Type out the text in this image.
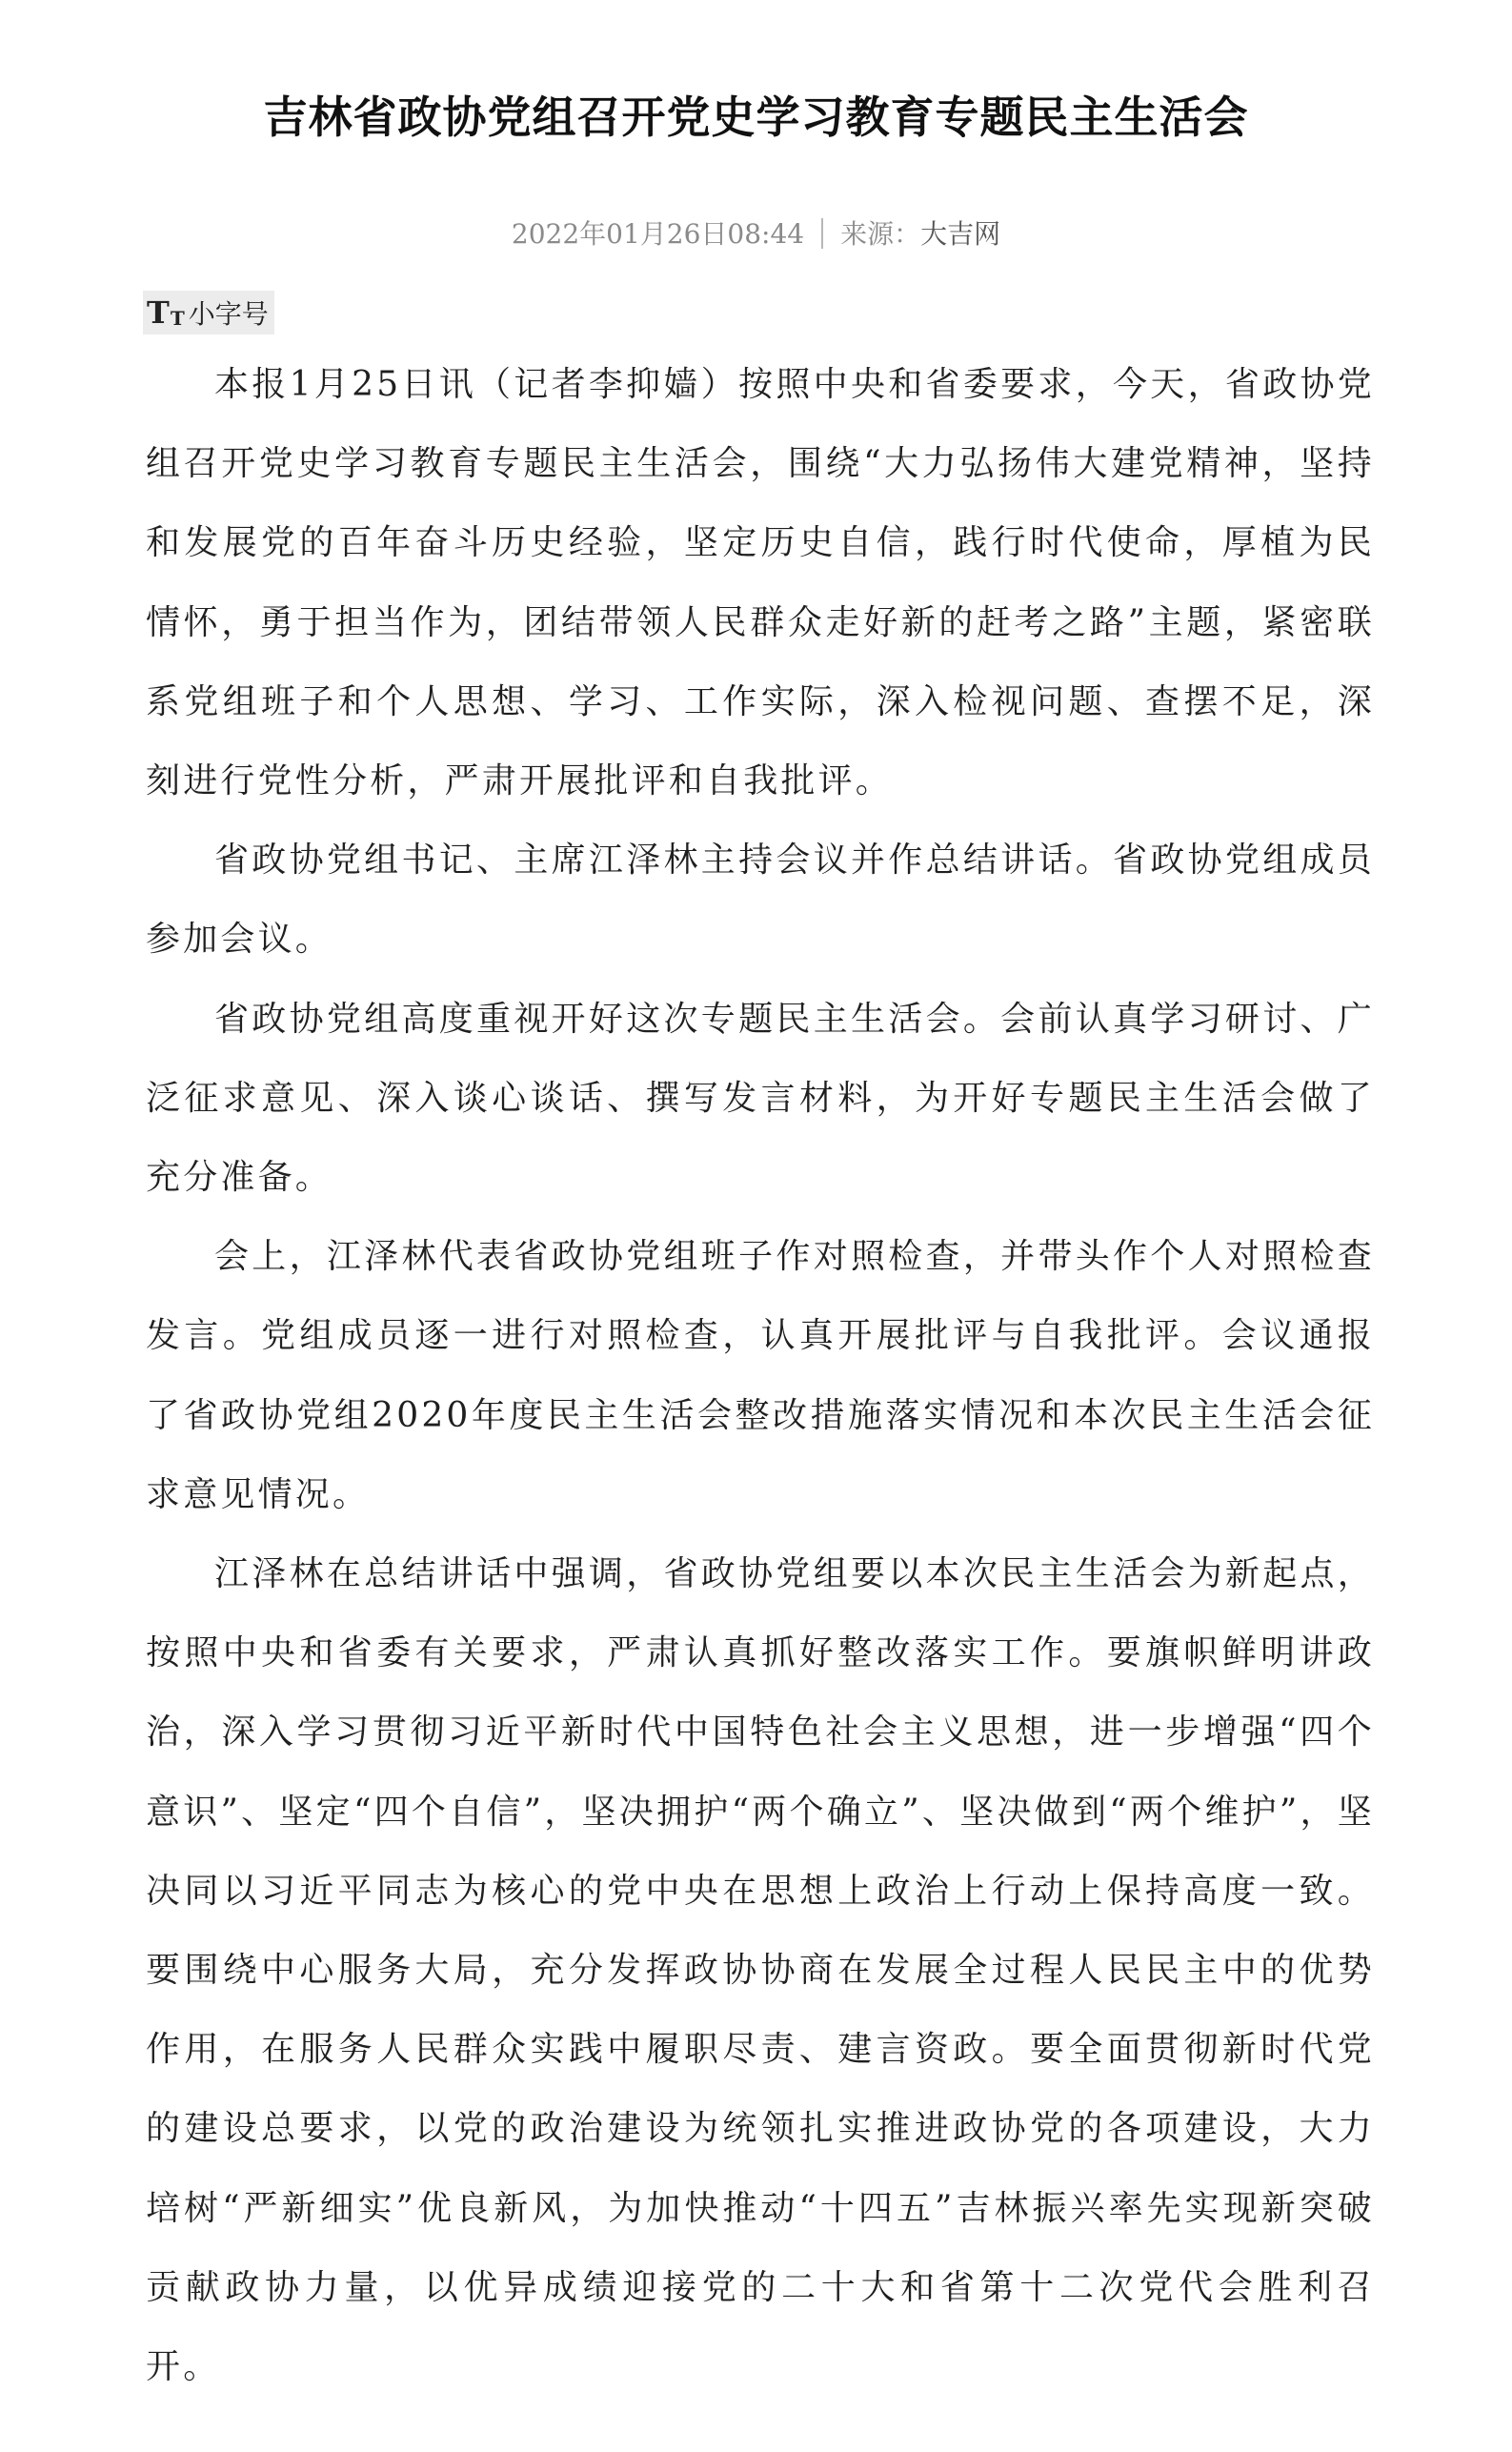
吉林省政协党组召开党史学习教育专题民主生活会
2022年01月26日08:44 来源：大吉网
T T 小字号

本报1月25日讯（记者李抑嫱）按照中央和省委要求，今天，省政协党组召开党史学习教育专题民主生活会，围绕“大力弘扬伟大建党精神，坚持和发展党的百年奋斗历史经验，坚定历史自信，践行时代使命，厚植为民情怀，勇于担当作为，团结带领人民群众走好新的赶考之路”主题，紧密联系党组班子和个人思想、学习、工作实际，深入检视问题、查摆不足，深刻进行党性分析，严肃开展批评和自我批评。

省政协党组书记、主席江泽林主持会议并作总结讲话。省政协党组成员参加会议。

省政协党组高度重视开好这次专题民主生活会。会前认真学习研讨、广泛征求意见、深入谈心谈话、撰写发言材料，为开好专题民主生活会做了充分准备。

会上，江泽林代表省政协党组班子作对照检查，并带头作个人对照检查发言。党组成员逐一进行对照检查，认真开展批评与自我批评。会议通报了省政协党组2020年度民主生活会整改措施落实情况和本次民主生活会征求意见情况。

江泽林在总结讲话中强调，省政协党组要以本次民主生活会为新起点，按照中央和省委有关要求，严肃认真抓好整改落实工作。要旗帜鲜明讲政治，深入学习贯彻习近平新时代中国特色社会主义思想，进一步增强“四个意识”、坚定“四个自信”，坚决拥护“两个确立”、坚决做到“两个维护”，坚决同以习近平同志为核心的党中央在思想上政治上行动上保持高度一致。要围绕中心服务大局，充分发挥政协协商在发展全过程人民民主中的优势作用，在服务人民群众实践中履职尽责、建言资政。要全面贯彻新时代党的建设总要求，以党的政治建设为统领扎实推进政协党的各项建设，大力培树“严新细实”优良新风，为加快推动“十四五”吉林振兴率先实现新突破贡献政协力量，以优异成绩迎接党的二十大和省第十二次党代会胜利召开。
